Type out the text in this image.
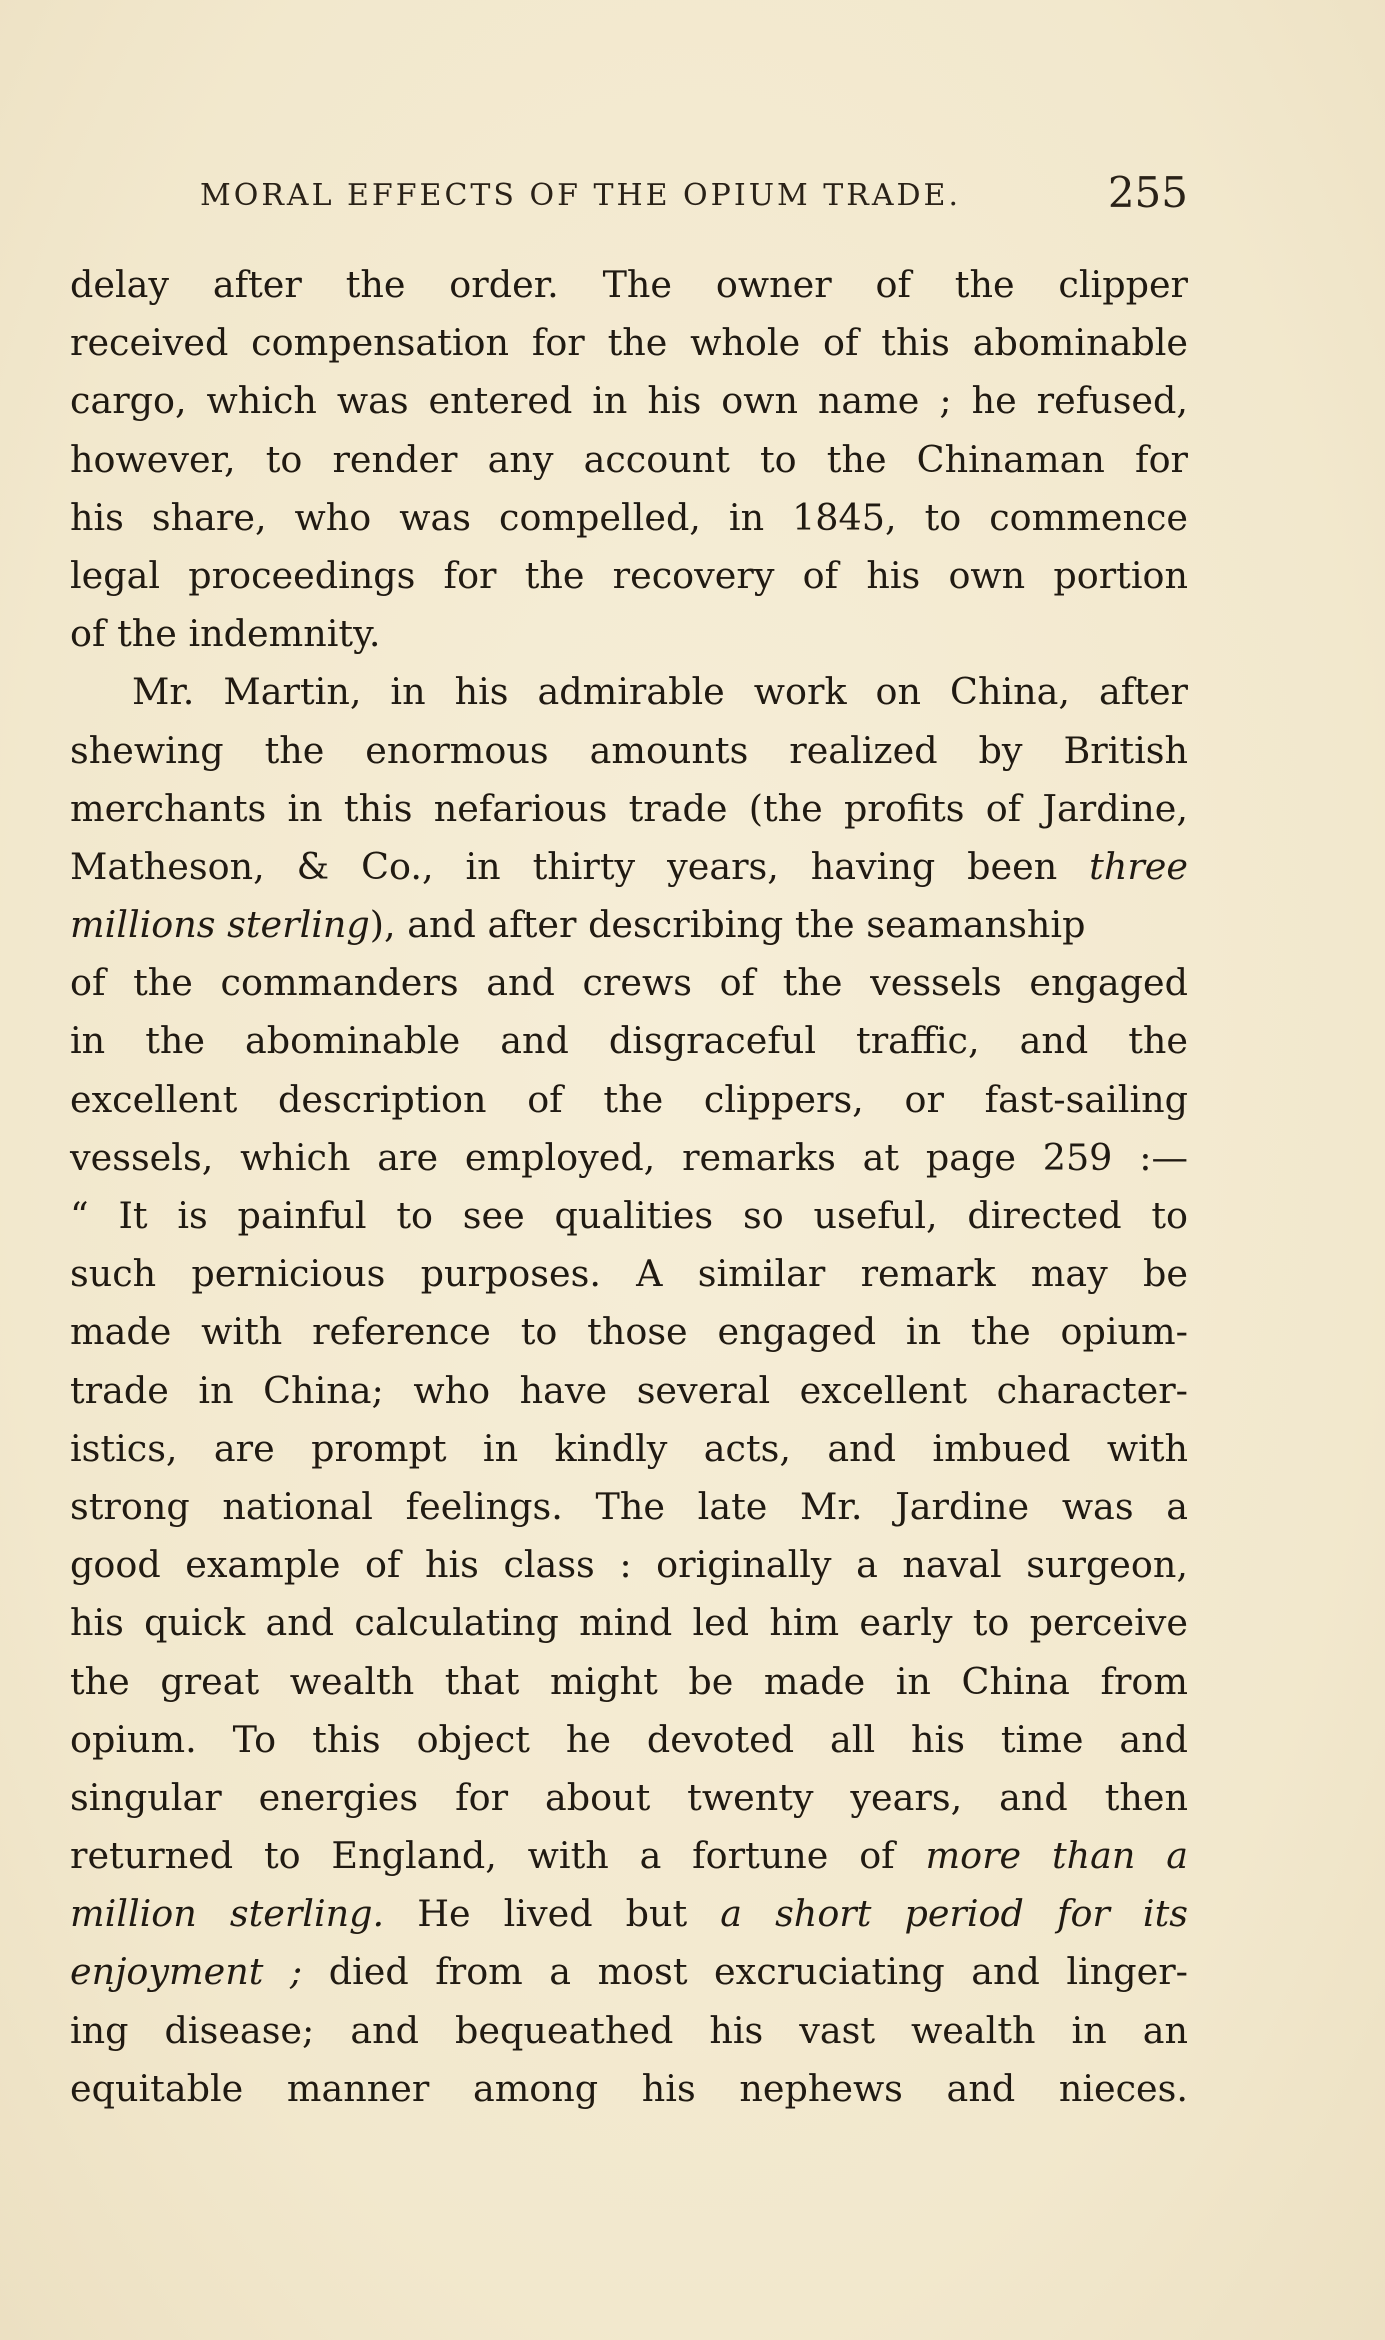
MORAL EFFECTS OF THE OPIUM TRADE.	255
delay after the order. The owner of the clipper
received compensation for the whole of this abominable
cargo, which was entered in his own name ; he refused,
however, to render any account to the Chinaman for
his share, who was compelled, in 1845, to commence
legal proceedings for the recovery of his own portion
of the indemnity.
Mr. Martin, in his admirable work on China, after
shewing the enormous amounts realized by British
merchants in this nefarious trade (the profits of Jardine,
Matheson, & Co., in thirty years, having been three
millions sterling), and after describing the seamanship
of the commanders and crews of the vessels engaged
in the abominable and disgraceful traffic, and the
excellent description of the clippers, or fast-sailing
vessels, which are employed, remarks at page 259 :—
“ It is painful to see qualities so useful, directed to
such pernicious purposes. A similar remark may be
made with reference to those engaged in the opium-
trade in China; who have several excellent character-
istics, are prompt in kindly acts, and imbued with
strong national feelings. The late Mr. Jardine was a
good example of his class : originally a naval surgeon,
his quick and calculating mind led him early to perceive
the great wealth that might be made in China from
opium. To this object he devoted all his time and
singular energies for about twenty years, and then
returned to England, with a fortune of more than a
million sterling. He lived but a short period for its
enjoyment ; died from a most excruciating and linger-
ing disease; and bequeathed his vast wealth in an
equitable manner among his nephews and nieces.
